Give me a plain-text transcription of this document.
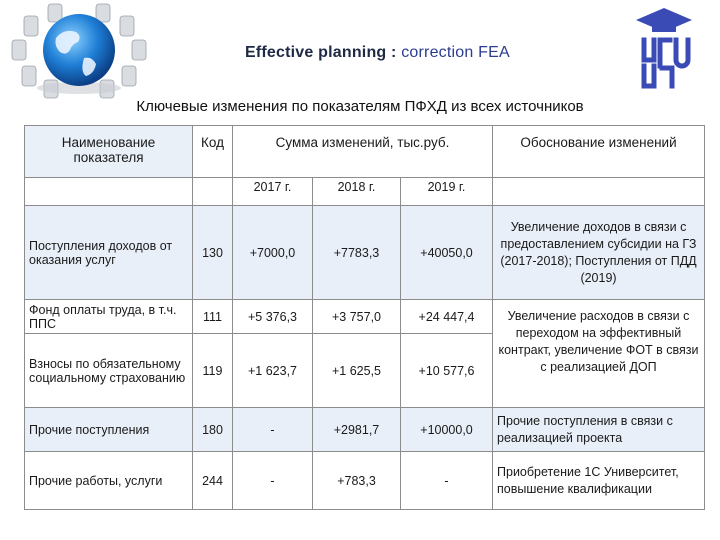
Effective planning : correction FEA
Ключевые изменения по показателям ПФХД из всех источников
Наименование показателя	Код	Сумма изменений, тыс.руб.			Обоснование изменений
		2017 г.	2018 г.	2019 г.	
Поступления доходов от оказания услуг	130	+7000,0	+7783,3	+40050,0	Увеличение доходов в связи с предоставлением субсидии на ГЗ (2017-2018); Поступления от ПДД (2019)
Фонд оплаты труда, в т.ч. ППС	111	+5 376,3	+3 757,0	+24 447,4	Увеличение расходов в связи с переходом на эффективный контракт, увеличение ФОТ в связи с реализацией ДОП
Взносы по обязательному социальному страхованию	119	+1 623,7	+1 625,5	+10 577,6	
Прочие поступления	180	-	+2981,7	+10000,0	Прочие поступления в связи с реализацией проекта
Прочие работы, услуги	244	-	+783,3	-	Приобретение 1С Университет, повышение квалификации
